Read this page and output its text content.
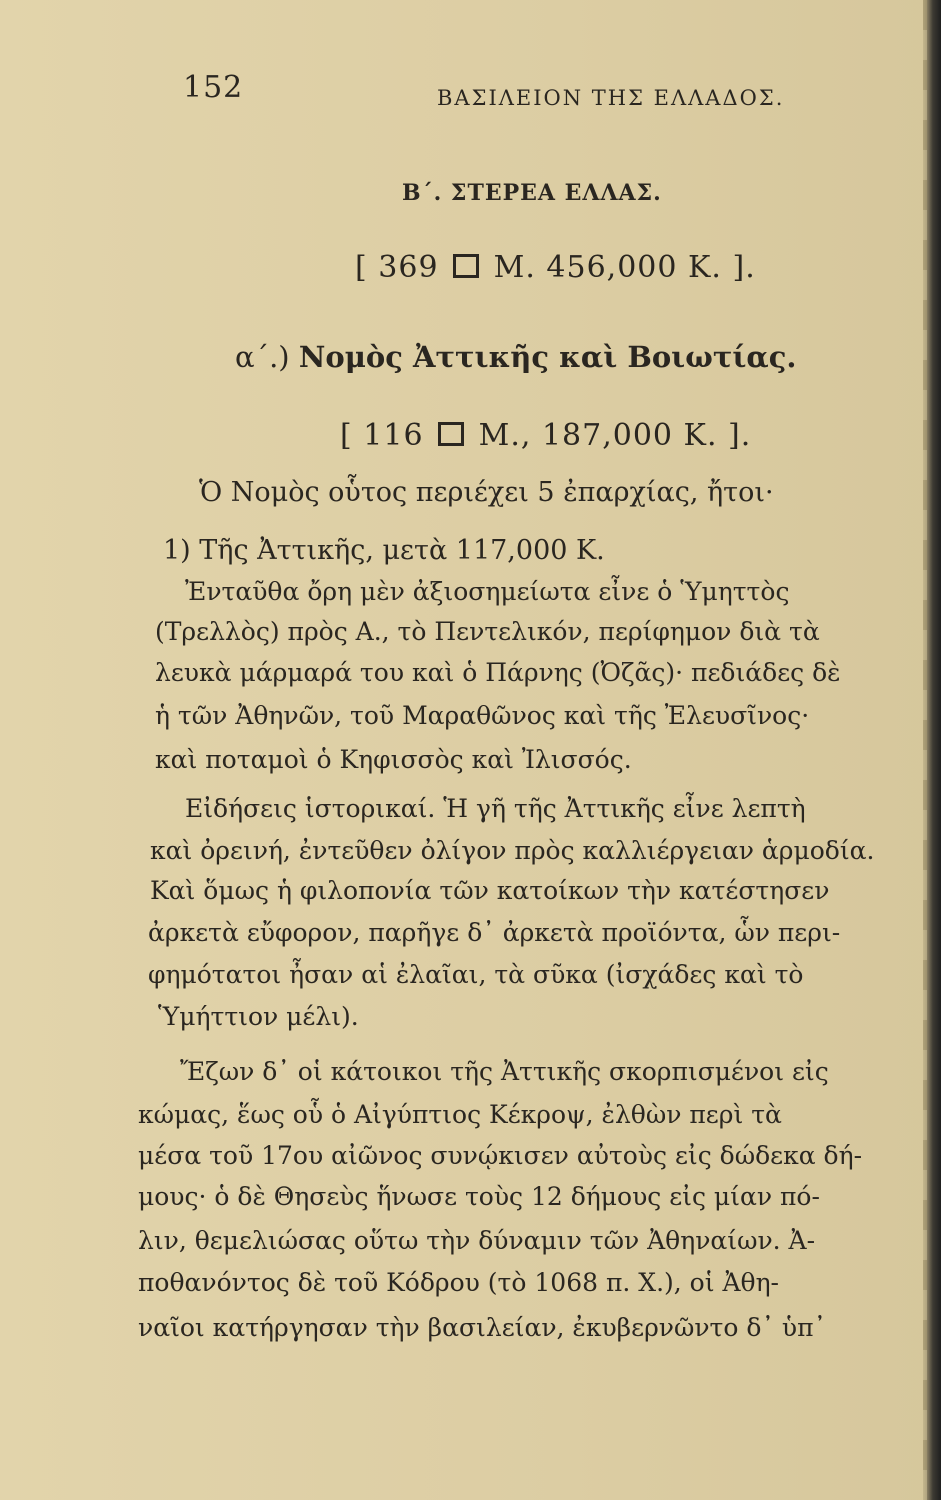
152	ΒΑΣΙΛΕΙΟΝ ΤΗΣ ΕΛΛΑΔΟΣ.
Β΄. ΣΤΕΡΕΑ ΕΛΛΑΣ.
[ 369 Μ. 456,000 Κ. ].
α΄.) Νομὸς Ἀττικῆς καὶ Βοιωτίας.
[ 116 Μ., 187,000 Κ. ].
Ὁ Νομὸς οὗτος περιέχει 5 ἐπαρχίας, ἤτοι·
1) Τῆς Ἀττικῆς, μετὰ 117,000 Κ.
Ἐνταῦθα ὄρη μὲν ἀξιοσημείωτα εἶνε ὁ Ὑμηττὸς
(Τρελλὸς) πρὸς Α., τὸ Πεντελικόν, περίφημον διὰ τὰ
λευκὰ μάρμαρά του καὶ ὁ Πάρνης (Ὀζᾶς)· πεδιάδες δὲ
ἡ τῶν Ἀθηνῶν, τοῦ Μαραθῶνος καὶ τῆς Ἐλευσῖνος·
καὶ ποταμοὶ ὁ Κηφισσὸς καὶ Ἰλισσός.
Εἰδήσεις ἱστορικαί. Ἡ γῆ τῆς Ἀττικῆς εἶνε λεπτὴ
καὶ ὀρεινή, ἐντεῦθεν ὀλίγον πρὸς καλλιέργειαν ἁρμοδία.
Καὶ ὅμως ἡ φιλοπονία τῶν κατοίκων τὴν κατέστησεν
ἀρκετὰ εὔφορον, παρῆγε δ᾿ ἀρκετὰ προϊόντα, ὧν περι-
φημότατοι ἦσαν αἱ ἐλαῖαι, τὰ σῦκα (ἰσχάδες καὶ τὸ
Ὑμήττιον μέλι).
Ἔζων δ᾿ οἱ κάτοικοι τῆς Ἀττικῆς σκορπισμένοι εἰς
κώμας, ἕως οὗ ὁ Αἰγύπτιος Κέκροψ, ἐλθὼν περὶ τὰ
μέσα τοῦ 17ου αἰῶνος συνῴκισεν αὐτοὺς εἰς δώδεκα δή-
μους· ὁ δὲ Θησεὺς ἥνωσε τοὺς 12 δήμους εἰς μίαν πό-
λιν, θεμελιώσας οὕτω τὴν δύναμιν τῶν Ἀθηναίων. Ἀ-
ποθανόντος δὲ τοῦ Κόδρου (τὸ 1068 π. Χ.), οἱ Ἀθη-
ναῖοι κατήργησαν τὴν βασιλείαν, ἐκυβερνῶντο δ᾿ ὑπ᾿
